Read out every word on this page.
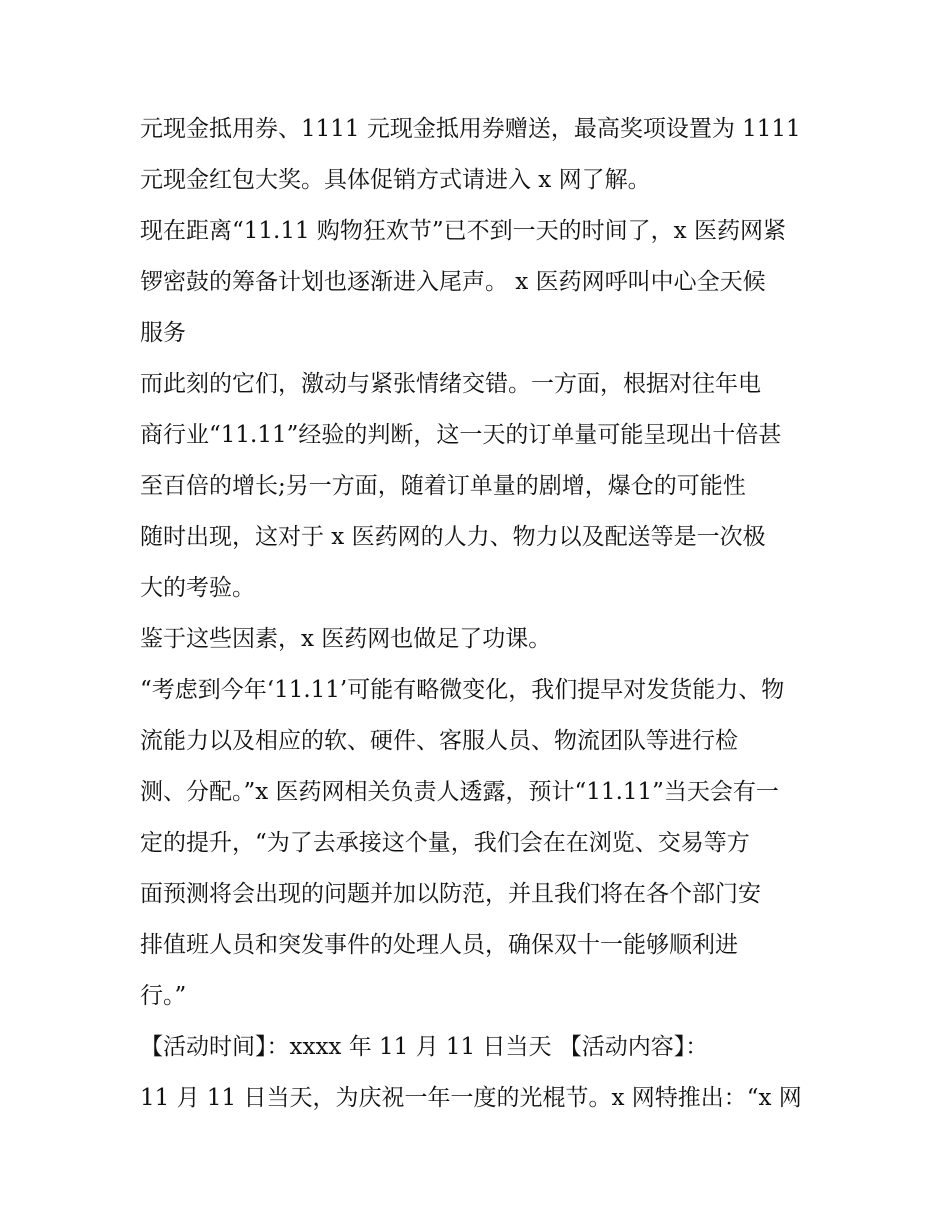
元现金抵用券、1111 元现金抵用券赠送，最高奖项设置为 1111
元现金红包大奖。具体促销方式请进入 x 网了解。
现在距离“11.11 购物狂欢节”已不到一天的时间了，x 医药网紧
锣密鼓的筹备计划也逐渐进入尾声。 x 医药网呼叫中心全天候
服务
而此刻的它们，激动与紧张情绪交错。一方面，根据对往年电
商行业“11.11”经验的判断，这一天的订单量可能呈现出十倍甚
至百倍的增长;另一方面，随着订单量的剧增，爆仓的可能性
随时出现，这对于 x 医药网的人力、物力以及配送等是一次极
大的考验。
鉴于这些因素，x 医药网也做足了功课。
“考虑到今年‘11.11’可能有略微变化，我们提早对发货能力、物
流能力以及相应的软、硬件、客服人员、物流团队等进行检
测、分配。”x 医药网相关负责人透露，预计“11.11”当天会有一
定的提升，“为了去承接这个量，我们会在在浏览、交易等方
面预测将会出现的问题并加以防范，并且我们将在各个部门安
排值班人员和突发事件的处理人员，确保双十一能够顺利进
行。”
【活动时间】：xxxx 年 11 月 11 日当天 【活动内容】：
11 月 11 日当天，为庆祝一年一度的光棍节。x 网特推出：“x 网
